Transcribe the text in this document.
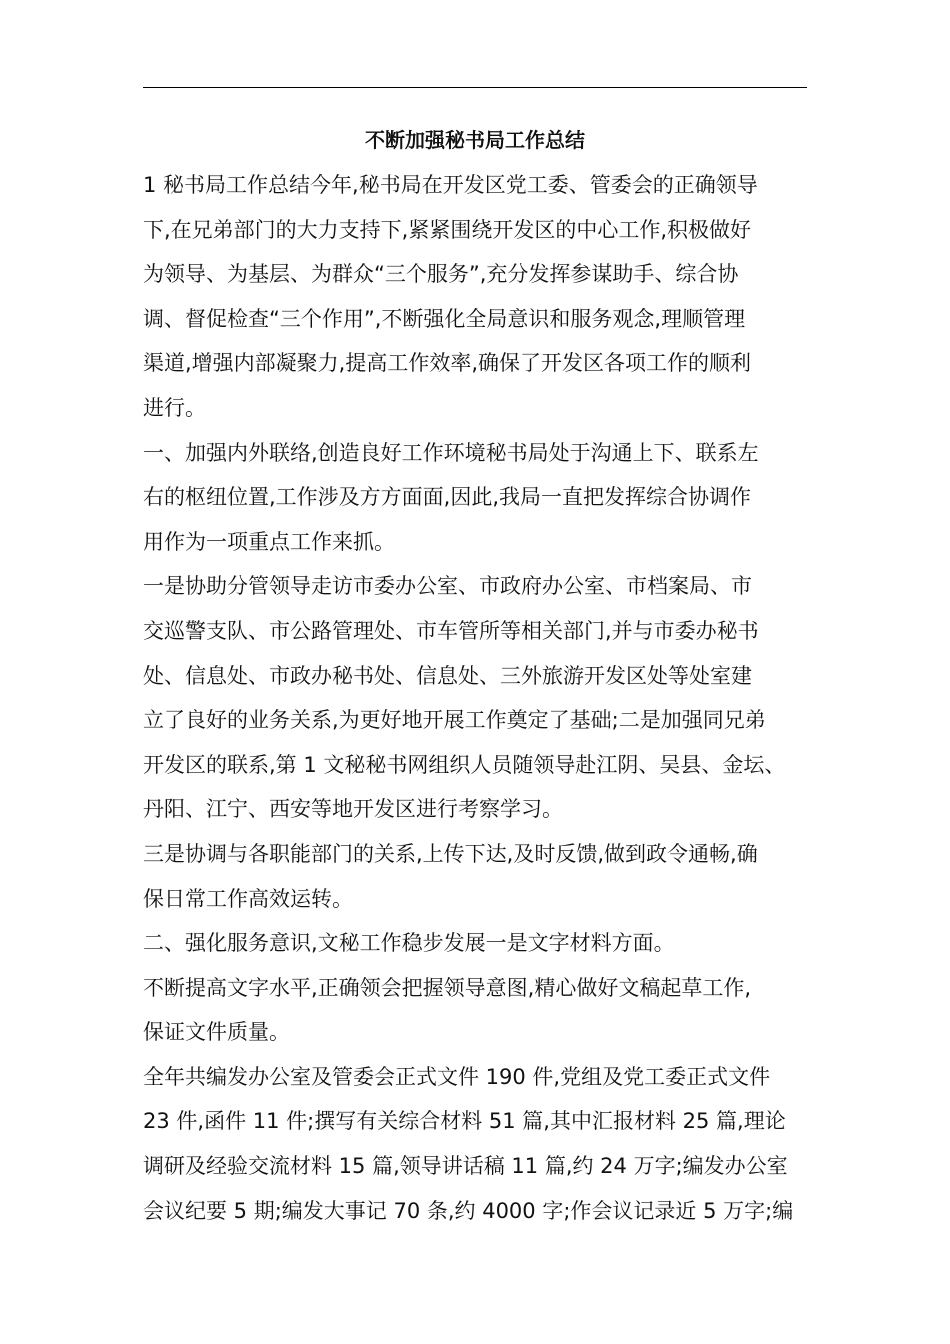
不断加强秘书局工作总结
1 秘书局工作总结今年,秘书局在开发区党工委、管委会的正确领导
下,在兄弟部门的大力支持下,紧紧围绕开发区的中心工作,积极做好
为领导、为基层、为群众“三个服务”,充分发挥参谋助手、综合协
调、督促检查“三个作用”,不断强化全局意识和服务观念,理顺管理
渠道,增强内部凝聚力,提高工作效率,确保了开发区各项工作的顺利
进行。
一、加强内外联络,创造良好工作环境秘书局处于沟通上下、联系左
右的枢纽位置,工作涉及方方面面,因此,我局一直把发挥综合协调作
用作为一项重点工作来抓。
一是协助分管领导走访市委办公室、市政府办公室、市档案局、市
交巡警支队、市公路管理处、市车管所等相关部门,并与市委办秘书
处、信息处、市政办秘书处、信息处、三外旅游开发区处等处室建
立了良好的业务关系,为更好地开展工作奠定了基础;二是加强同兄弟
开发区的联系,第 1 文秘秘书网组织人员随领导赴江阴、吴县、金坛、
丹阳、江宁、西安等地开发区进行考察学习。
三是协调与各职能部门的关系,上传下达,及时反馈,做到政令通畅,确
保日常工作高效运转。
二、强化服务意识,文秘工作稳步发展一是文字材料方面。
不断提高文字水平,正确领会把握领导意图,精心做好文稿起草工作,
保证文件质量。
全年共编发办公室及管委会正式文件 190 件,党组及党工委正式文件
23 件,函件 11 件;撰写有关综合材料 51 篇,其中汇报材料 25 篇,理论
调研及经验交流材料 15 篇,领导讲话稿 11 篇,约 24 万字;编发办公室
会议纪要 5 期;编发大事记 70 条,约 4000 字;作会议记录近 5 万字;编
